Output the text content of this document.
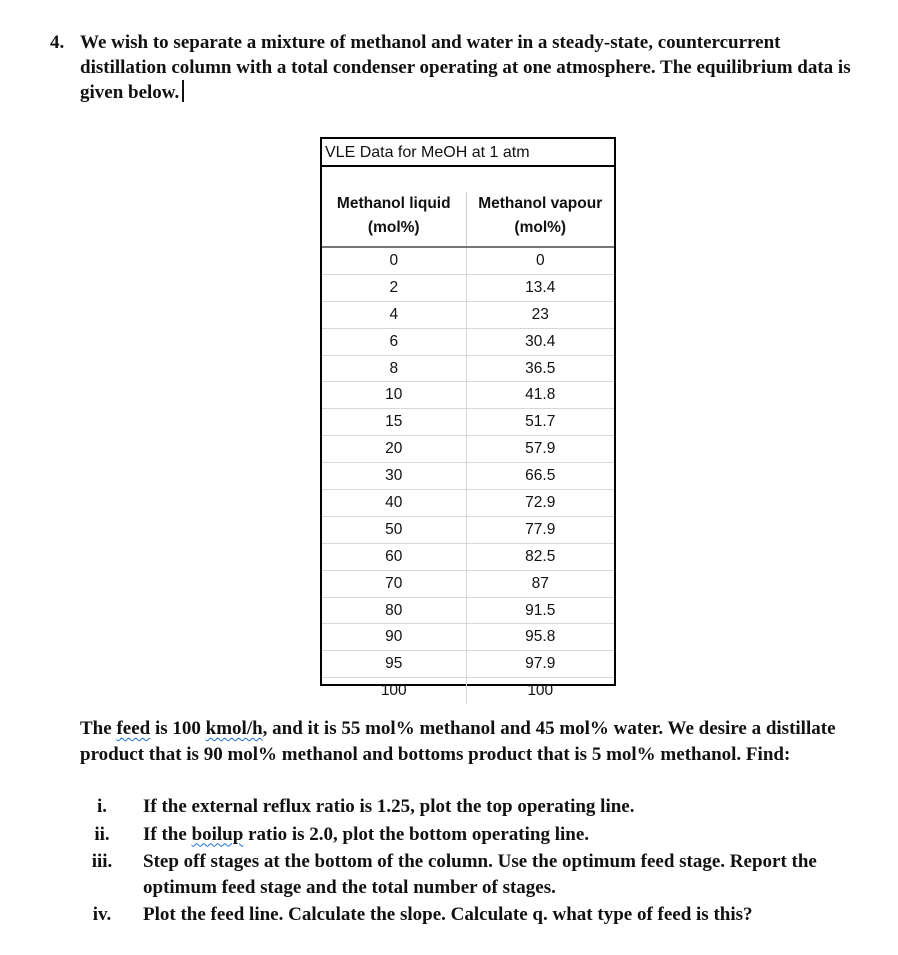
4. We wish to separate a mixture of methanol and water in a steady-state, countercurrent distillation column with a total condenser operating at one atmosphere. The equilibrium data is given below.
VLE Data for MeOH at 1 atm
Methanol liquid
(mol%)
Methanol vapour
(mol%)
0	0
2	13.4
4	23
6	30.4
8	36.5
10	41.8
15	51.7
20	57.9
30	66.5
40	72.9
50	77.9
60	82.5
70	87
80	91.5
90	95.8
95	97.9
100	100
The feed is 100 kmol/h, and it is 55 mol% methanol and 45 mol% water. We desire a distillate product that is 90 mol% methanol and bottoms product that is 5 mol% methanol. Find:
i.	If the external reflux ratio is 1.25, plot the top operating line.
ii.	If the boilup ratio is 2.0, plot the bottom operating line.
iii.	Step off stages at the bottom of the column. Use the optimum feed stage. Report the optimum feed stage and the total number of stages.
iv.	Plot the feed line. Calculate the slope. Calculate q. what type of feed is this?
